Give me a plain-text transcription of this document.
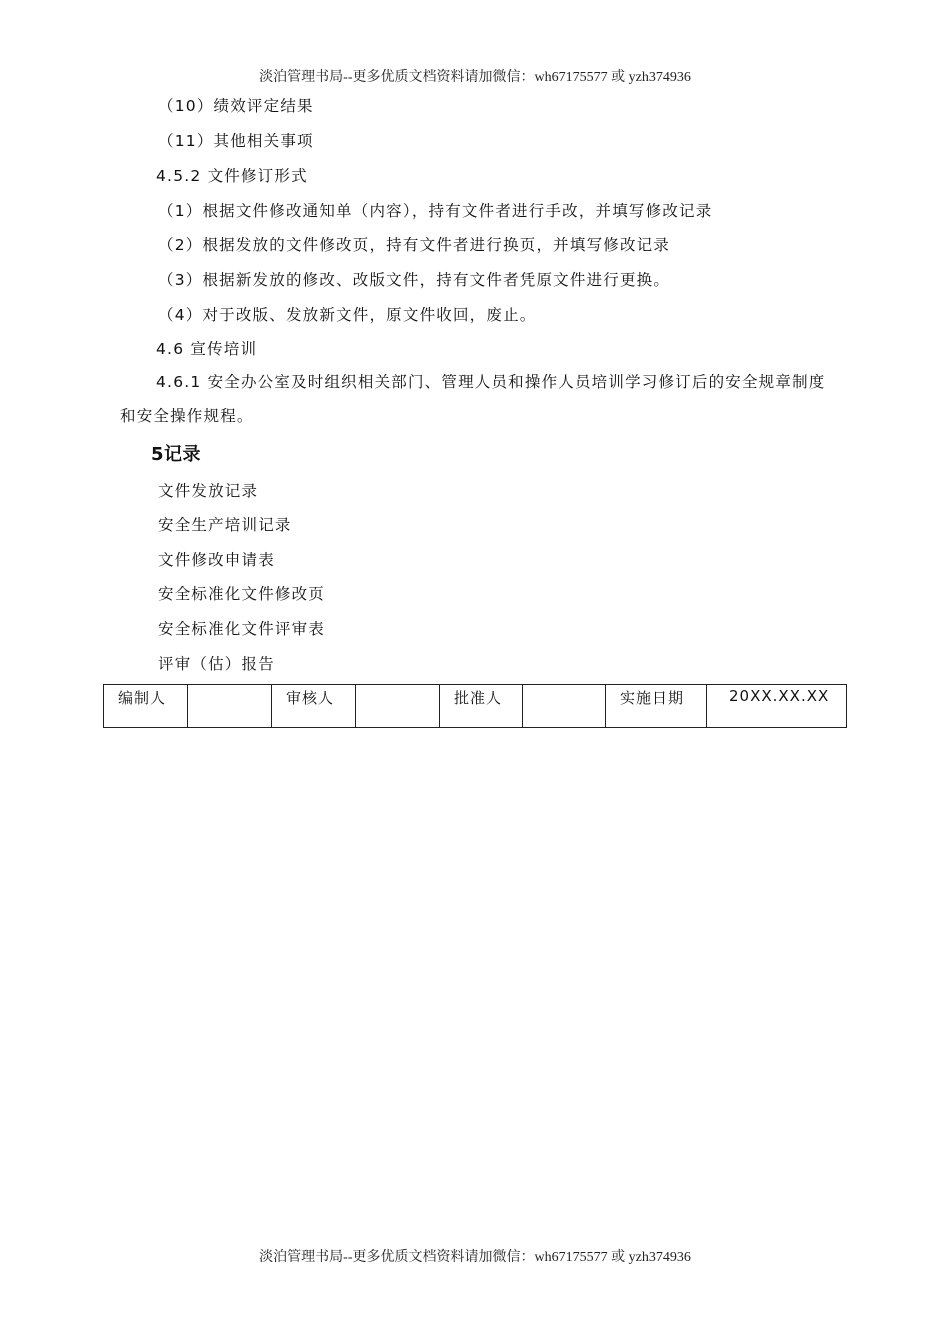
淡泊管理书局--更多优质文档资料请加微信：wh67175577 或 yzh374936
（10）绩效评定结果
（11）其他相关事项
4.5.2 文件修订形式
（1）根据文件修改通知单（内容），持有文件者进行手改，并填写修改记录
（2）根据发放的文件修改页，持有文件者进行换页，并填写修改记录
（3）根据新发放的修改、改版文件，持有文件者凭原文件进行更换。
（4）对于改版、发放新文件，原文件收回，废止。
4.6 宣传培训
4.6.1 安全办公室及时组织相关部门、管理人员和操作人员培训学习修订后的安全规章制度和安全操作规程。
5记录
文件发放记录
安全生产培训记录
文件修改申请表
安全标准化文件修改页
安全标准化文件评审表
评审（估）报告
编制人		审核人		批准人		实施日期	20XX.XX.XX
淡泊管理书局--更多优质文档资料请加微信：wh67175577 或 yzh374936
